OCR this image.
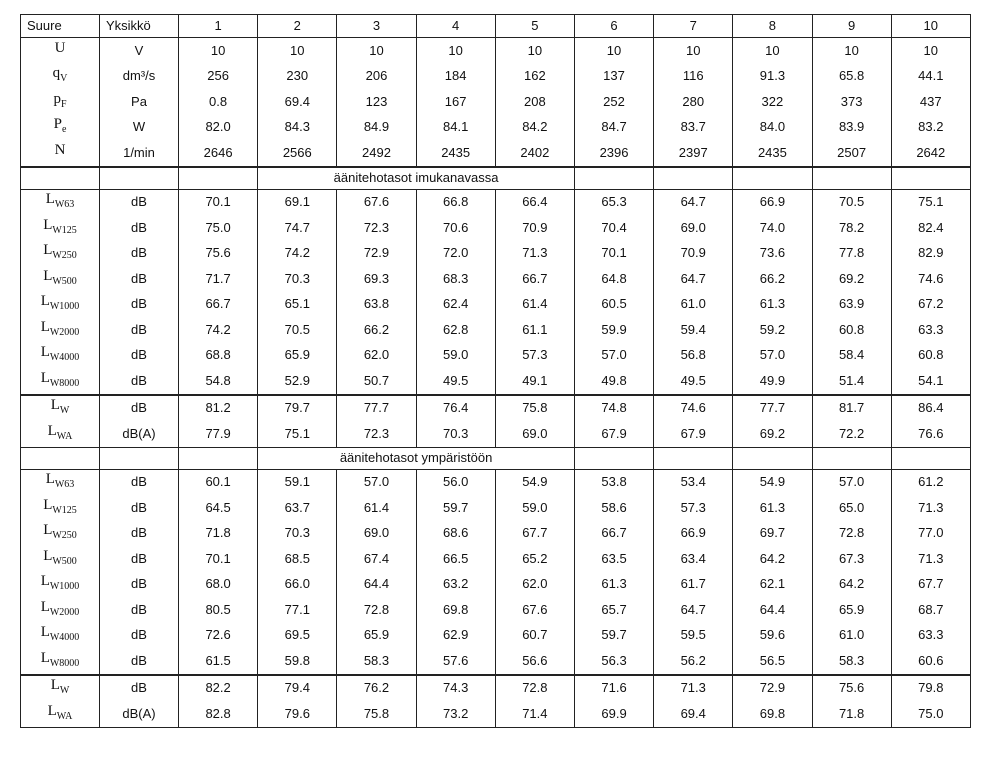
Suure	Yksikkö	1	2	3	4	5	6	7	8	9	10
U	V	10	10	10	10	10	10	10	10	10	10
$q_V$	dm³/s	256	230	206	184	162	137	116	91.3	65.8	44.1
$p_F$	Pa	0.8	69.4	123	167	208	252	280	322	373	437
$P_e$	W	82.0	84.3	84.9	84.1	84.2	84.7	83.7	84.0	83.9	83.2
N	1/min	2646	2566	2492	2435	2402	2396	2397	2435	2507	2642
			äänitehotasot imukanavassa								
$L_{W63}$	dB	70.1	69.1	67.6	66.8	66.4	65.3	64.7	66.9	70.5	75.1
$L_{W125}$	dB	75.0	74.7	72.3	70.6	70.9	70.4	69.0	74.0	78.2	82.4
$L_{W250}$	dB	75.6	74.2	72.9	72.0	71.3	70.1	70.9	73.6	77.8	82.9
$L_{W500}$	dB	71.7	70.3	69.3	68.3	66.7	64.8	64.7	66.2	69.2	74.6
$L_{W1000}$	dB	66.7	65.1	63.8	62.4	61.4	60.5	61.0	61.3	63.9	67.2
$L_{W2000}$	dB	74.2	70.5	66.2	62.8	61.1	59.9	59.4	59.2	60.8	63.3
$L_{W4000}$	dB	68.8	65.9	62.0	59.0	57.3	57.0	56.8	57.0	58.4	60.8
$L_{W8000}$	dB	54.8	52.9	50.7	49.5	49.1	49.8	49.5	49.9	51.4	54.1
$L_W$	dB	81.2	79.7	77.7	76.4	75.8	74.8	74.6	77.7	81.7	86.4
$L_{WA}$	dB(A)	77.9	75.1	72.3	70.3	69.0	67.9	67.9	69.2	72.2	76.6
			äänitehotasot ympäristöön								
$L_{W63}$	dB	60.1	59.1	57.0	56.0	54.9	53.8	53.4	54.9	57.0	61.2
$L_{W125}$	dB	64.5	63.7	61.4	59.7	59.0	58.6	57.3	61.3	65.0	71.3
$L_{W250}$	dB	71.8	70.3	69.0	68.6	67.7	66.7	66.9	69.7	72.8	77.0
$L_{W500}$	dB	70.1	68.5	67.4	66.5	65.2	63.5	63.4	64.2	67.3	71.3
$L_{W1000}$	dB	68.0	66.0	64.4	63.2	62.0	61.3	61.7	62.1	64.2	67.7
$L_{W2000}$	dB	80.5	77.1	72.8	69.8	67.6	65.7	64.7	64.4	65.9	68.7
$L_{W4000}$	dB	72.6	69.5	65.9	62.9	60.7	59.7	59.5	59.6	61.0	63.3
$L_{W8000}$	dB	61.5	59.8	58.3	57.6	56.6	56.3	56.2	56.5	58.3	60.6
$L_W$	dB	82.2	79.4	76.2	74.3	72.8	71.6	71.3	72.9	75.6	79.8
$L_{WA}$	dB(A)	82.8	79.6	75.8	73.2	71.4	69.9	69.4	69.8	71.8	75.0
